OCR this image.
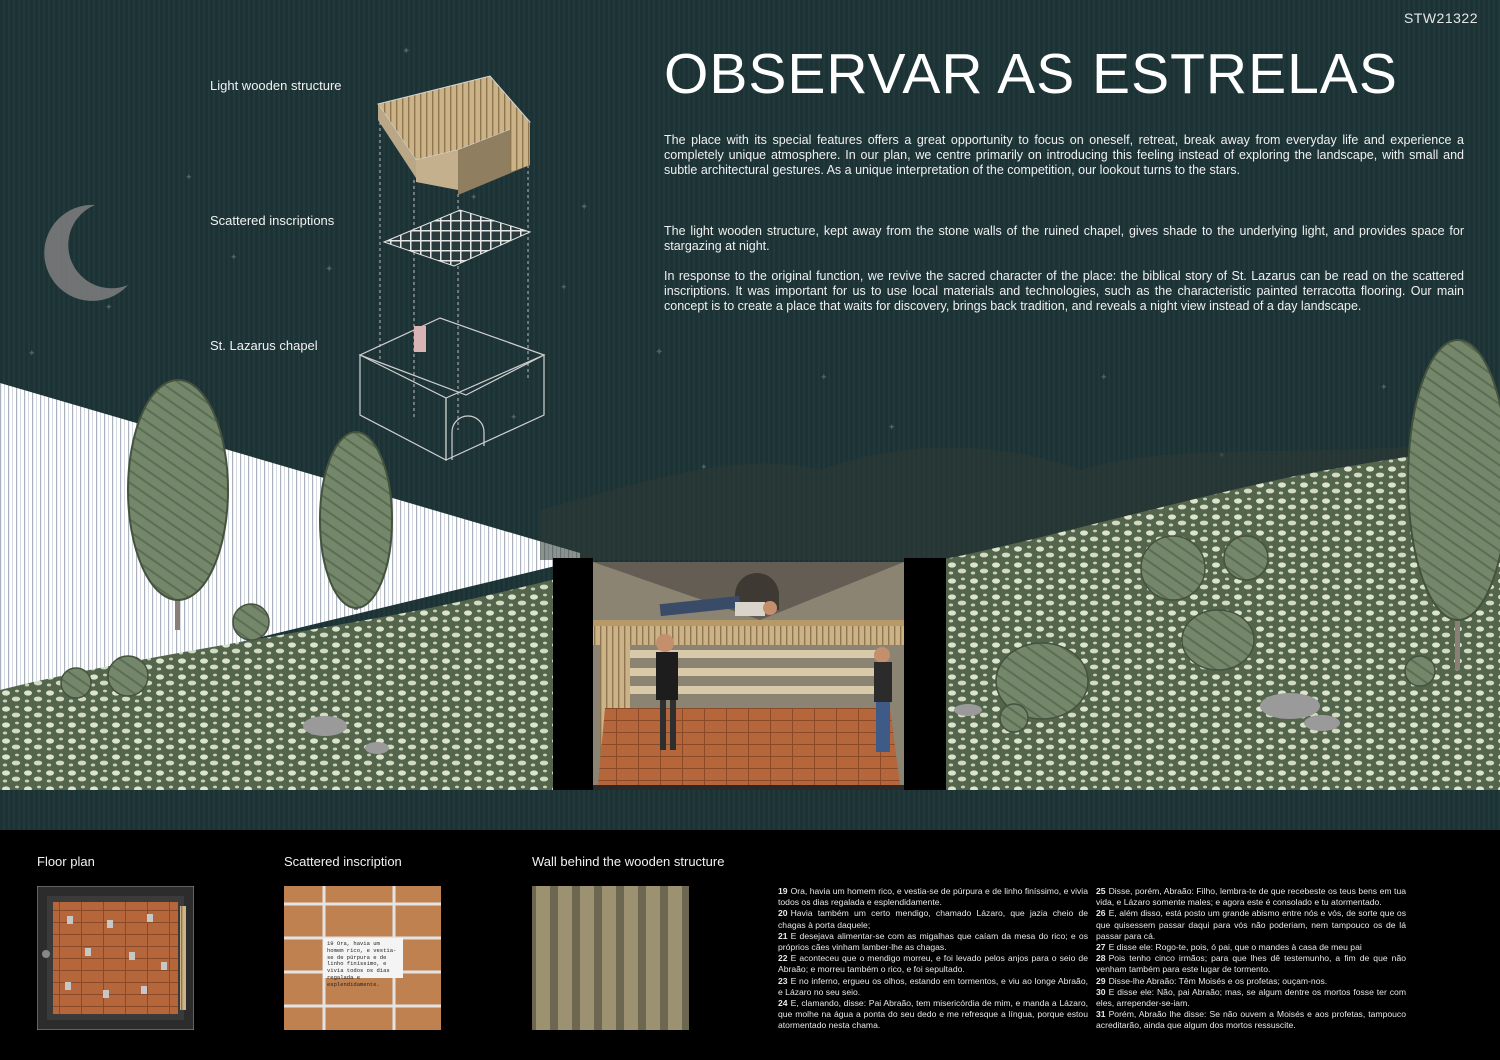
✦
✦
✦
✦
✦
✦
✦
✦
✦
✦
✦	✦
✦
✦
✦
✦
STW21322
OBSERVAR AS ESTRELAS

The place with its special features offers a great opportunity to focus on oneself, retreat, break away from everyday life and experience a completely unique atmosphere. In our plan, we centre primarily on introducing this feeling instead of exploring the landscape, with small and subtle architectural gestures. As a unique interpretation of the competition, our lookout turns to the stars.

The light wooden structure, kept away from the stone walls of the ruined chapel, gives shade to the underlying light, and provides space for stargazing at night.

In response to the original function, we revive the sacred character of the place: the biblical story of St. Lazarus can be read on the scattered inscriptions. It was important for us to use local materials and technologies, such as the characteristic painted terracotta flooring. Our main concept is to create a place that waits for discovery, brings back tradition, and reveals a night view instead of a day landscape.

Light wooden structure
Scattered inscriptions
St. Lazarus chapel
Floor plan	Scattered inscription	Wall behind the wooden structure
19 Ora, havia um homem rico, e vestia-se de púrpura e de linho finíssimo, e vivia todos os dias regalada e esplendidamente.
19 Ora, havia um homem rico, e vestia-se de púrpura e de linho finíssimo, e vivia todos os dias regalada e esplendidamente.
20 Havia também um certo mendigo, chamado Lázaro, que jazia cheio de chagas à porta daquele;
21 E desejava alimentar-se com as migalhas que caíam da mesa do rico; e os próprios cães vinham lamber-lhe as chagas.
22 E aconteceu que o mendigo morreu, e foi levado pelos anjos para o seio de Abraão; e morreu também o rico, e foi sepultado.
23 E no inferno, ergueu os olhos, estando em tormentos, e viu ao longe Abraão, e Lázaro no seu seio.
24 E, clamando, disse: Pai Abraão, tem misericórdia de mim, e manda a Lázaro, que molhe na água a ponta do seu dedo e me refresque a língua, porque estou atormentado nesta chama.
25 Disse, porém, Abraão: Filho, lembra-te de que recebeste os teus bens em tua vida, e Lázaro somente males; e agora este é consolado e tu atormentado.
26 E, além disso, está posto um grande abismo entre nós e vós, de sorte que os que quisessem passar daqui para vós não poderiam, nem tampouco os de lá passar para cá.
27 E disse ele: Rogo-te, pois, ó pai, que o mandes à casa de meu pai
28 Pois tenho cinco irmãos; para que lhes dê testemunho, a fim de que não venham também para este lugar de tormento.
29 Disse-lhe Abraão: Têm Moisés e os profetas; ouçam-nos.
30 E disse ele: Não, pai Abraão; mas, se algum dentre os mortos fosse ter com eles, arrepender-se-iam.
31 Porém, Abraão lhe disse: Se não ouvem a Moisés e aos profetas, tampouco acreditarão, ainda que algum dos mortos ressuscite.
